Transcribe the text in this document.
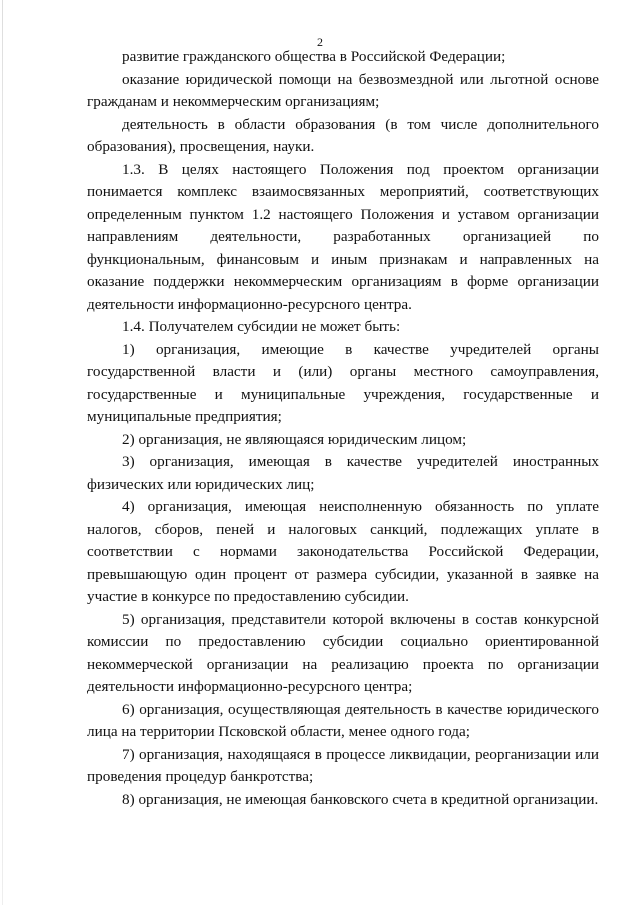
2

развитие гражданского общества в Российской Федерации;

оказание юридической помощи на безвозмездной или льготной основе гражданам и некоммерческим организациям;

деятельность в области образования (в том числе дополнительного образования), просвещения, науки.

1.3. В целях настоящего Положения под проектом организации понимается комплекс взаимосвязанных мероприятий, соответствующих определенным пунктом 1.2 настоящего Положения и уставом организации направлениям деятельности, разработанных организацией по функциональным, финансовым и иным признакам и направленных на оказание поддержки некоммерческим организациям в форме организации деятельности информационно-ресурсного центра.

1.4. Получателем субсидии не может быть:

1) организация, имеющие в качестве учредителей органы государственной власти и (или) органы местного самоуправления, государственные и муниципальные учреждения, государственные и муниципальные предприятия;

2) организация, не являющаяся юридическим лицом;

3) организация, имеющая в качестве учредителей иностранных физических или юридических лиц;

4) организация, имеющая неисполненную обязанность по уплате налогов, сборов, пеней и налоговых санкций, подлежащих уплате в соответствии с нормами законодательства Российской Федерации, превышающую один процент от размера субсидии, указанной в заявке на участие в конкурсе по предоставлению субсидии.

5) организация, представители которой включены в состав конкурсной комиссии по предоставлению субсидии социально ориентированной некоммерческой организации на реализацию проекта по организации деятельности информационно-ресурсного центра;

6) организация, осуществляющая деятельность в качестве юридического лица на территории Псковской области, менее одного года;

7) организация, находящаяся в процессе ликвидации, реорганизации или проведения процедур банкротства;

8) организация, не имеющая банковского счета в кредитной организации.
